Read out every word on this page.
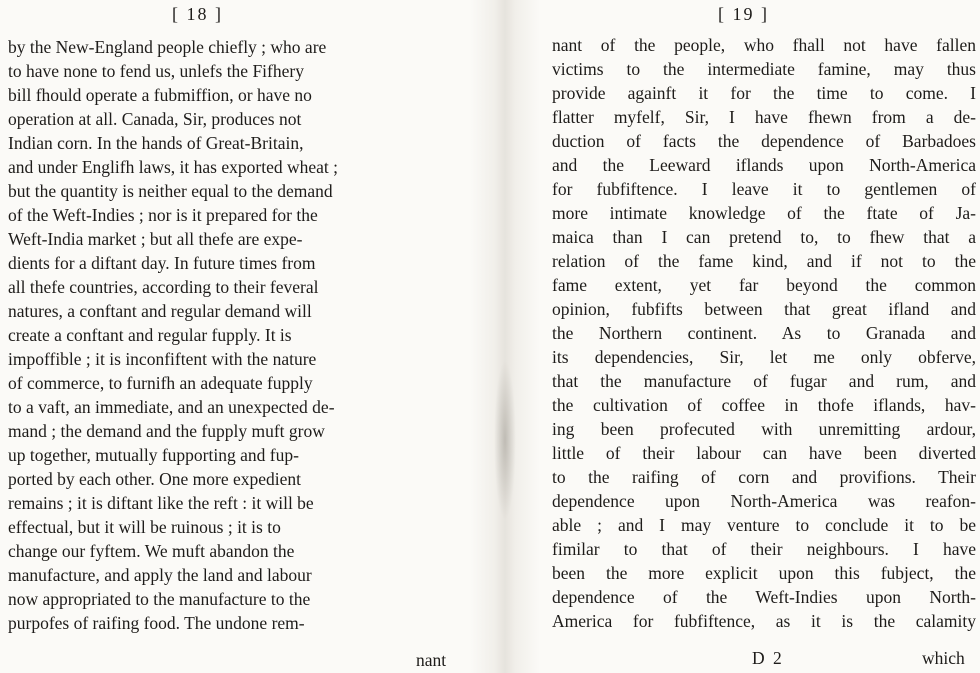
[ 18 ]
by the New-England people chiefly ; who are
to have none to fend us, unlefs the Fifhery
bill fhould operate a fubmiffion, or have no
operation at all. Canada, Sir, produces not
Indian corn. In the hands of Great-Britain,
and under Englifh laws, it has exported wheat ;
but the quantity is neither equal to the demand
of the Weft-Indies ; nor is it prepared for the
Weft-India market ; but all thefe are expe-
dients for a diftant day. In future times from
all thefe countries, according to their feveral
natures, a conftant and regular demand will
create a conftant and regular fupply. It is
impoffible ; it is inconfiftent with the nature
of commerce, to furnifh an adequate fupply
to a vaft, an immediate, and an unexpected de-
mand ; the demand and the fupply muft grow
up together, mutually fupporting and fup-
ported by each other. One more expedient
remains ; it is diftant like the reft : it will be
effectual, but it will be ruinous ; it is to
change our fyftem. We muft abandon the
manufacture, and apply the land and labour
now appropriated to the manufacture to the
purpofes of raifing food. The undone rem-
nant
[ 19 ]
nant of the people, who fhall not have fallen
victims to the intermediate famine, may thus
provide againft it for the time to come. I
flatter myfelf, Sir, I have fhewn from a de-
duction of facts the dependence of Barbadoes
and the Leeward iflands upon North-America
for fubfiftence. I leave it to gentlemen of
more intimate knowledge of the ftate of Ja-
maica than I can pretend to, to fhew that a
relation of the fame kind, and if not to the
fame extent, yet far beyond the common
opinion, fubfifts between that great ifland and
the Northern continent. As to Granada and
its dependencies, Sir, let me only obferve,
that the manufacture of fugar and rum, and
the cultivation of coffee in thofe iflands, hav-
ing been profecuted with unremitting ardour,
little of their labour can have been diverted
to the raifing of corn and provifions. Their
dependence upon North-America was reafon-
able ; and I may venture to conclude it to be
fimilar to that of their neighbours. I have
been the more explicit upon this fubject, the
dependence of the Weft-Indies upon North-
America for fubfiftence, as it is the calamity
D 2	which
